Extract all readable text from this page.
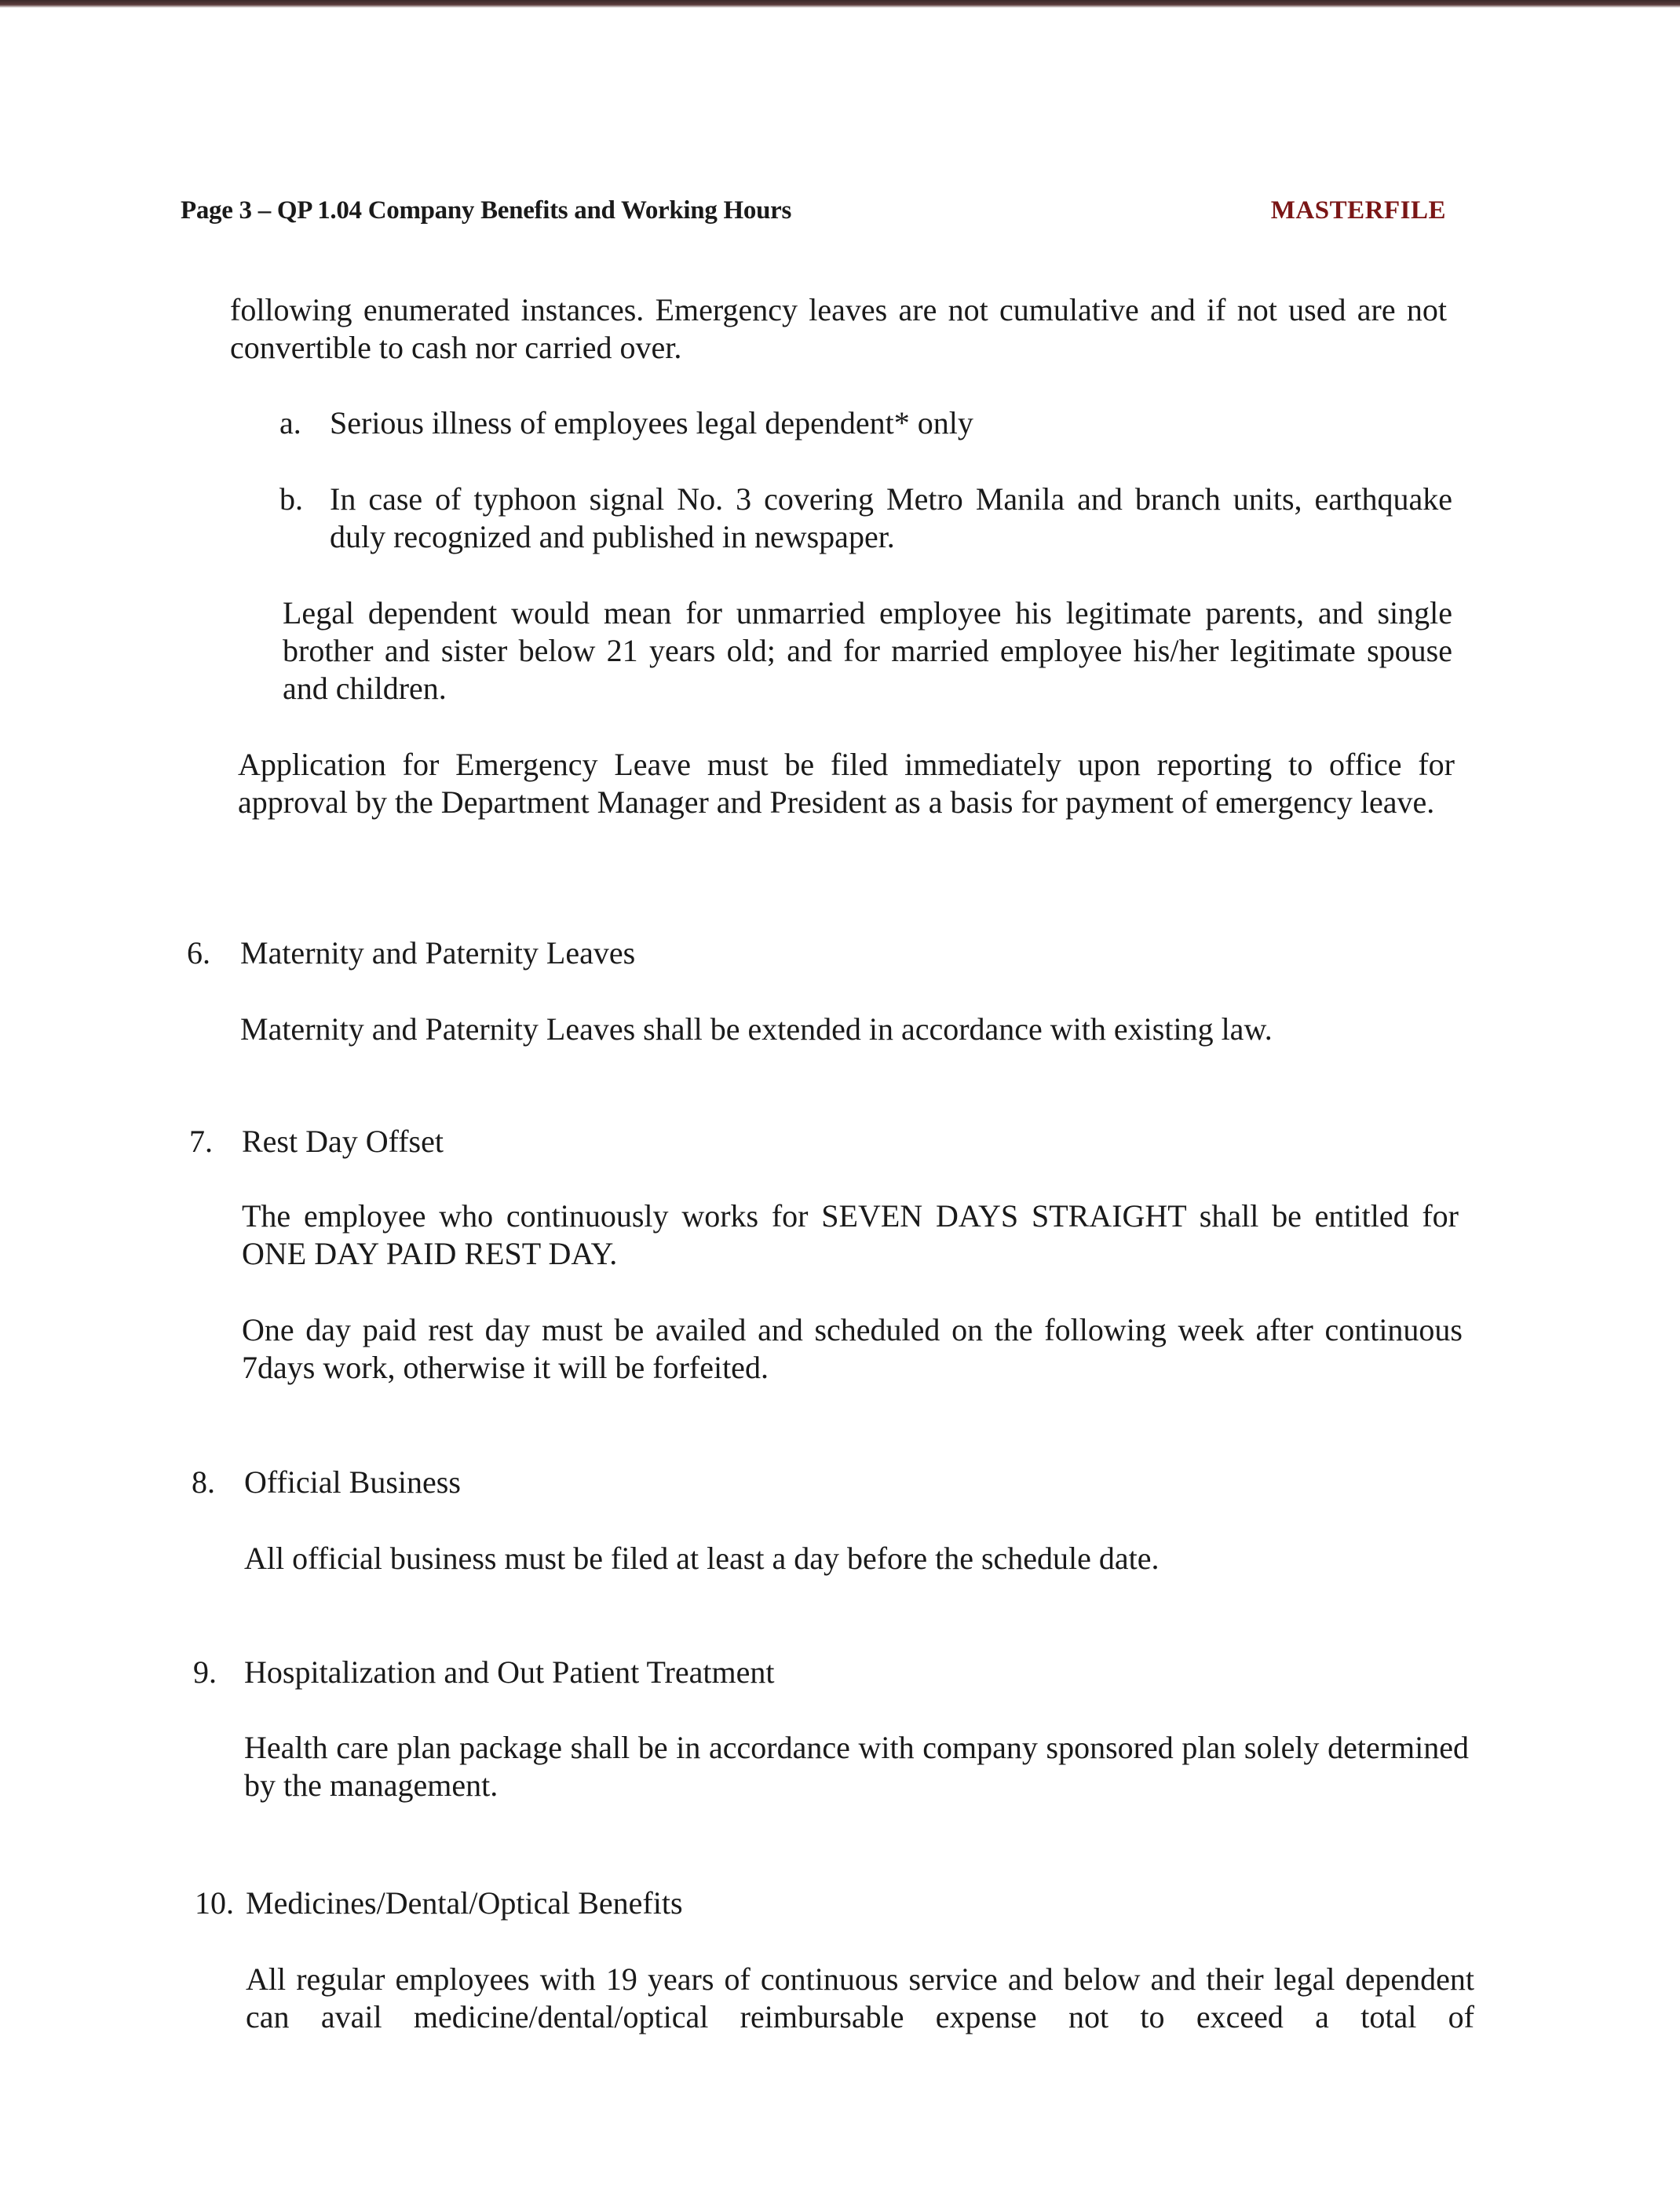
Page 3 – QP 1.04 Company Benefits and Working Hours	MASTERFILE

following enumerated instances. Emergency leaves are not cumulative and if not used are not convertible to cash nor carried over.

a. Serious illness of employees legal dependent* only

b. In case of typhoon signal No. 3 covering Metro Manila and branch units, earthquake duly recognized and published in newspaper.

Legal dependent would mean for unmarried employee his legitimate parents, and single brother and sister below 21 years old; and for married employee his/her legitimate spouse and children.

Application for Emergency Leave must be filed immediately upon reporting to office for approval by the Department Manager and President as a basis for payment of emergency leave.

6. Maternity and Paternity Leaves

Maternity and Paternity Leaves shall be extended in accordance with existing law.

7. Rest Day Offset

The employee who continuously works for SEVEN DAYS STRAIGHT shall be entitled for ONE DAY PAID REST DAY.

One day paid rest day must be availed and scheduled on the following week after continuous 7days work, otherwise it will be forfeited.

8. Official Business

All official business must be filed at least a day before the schedule date.

9. Hospitalization and Out Patient Treatment

Health care plan package shall be in accordance with company sponsored plan solely determined by the management.

10. Medicines/Dental/Optical Benefits

All regular employees with 19 years of continuous service and below and their legal dependent can avail medicine/dental/optical reimbursable expense not to exceed a total of
